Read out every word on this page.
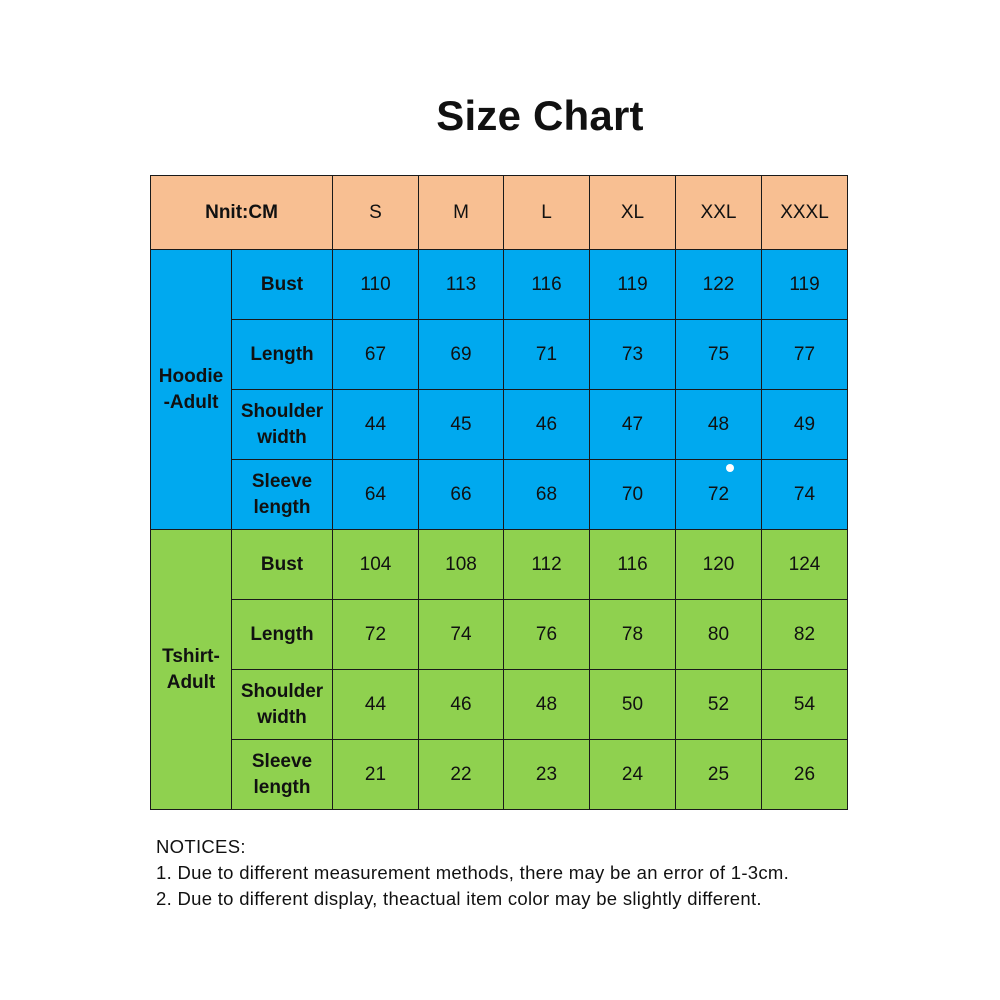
Size Chart
Nnit:CM		S	M	L	XL	XXL	XXXL

Hoodie
-Adult	Bust	110	113	116	119	122	119

	Length	67	69	71	73	75	77

	Shoulder
width	44	45	46	47	48	49

	Sleeve
length	64	66	68	70	72	74

Tshirt-
Adult	Bust	104	108	112	116	120	124

	Length	72	74	76	78	80	82

	Shoulder
width	44	46	48	50	52	54

	Sleeve
length	21	22	23	24	25	26
NOTICES:
1. Due to different measurement methods, there may be an error of 1-3cm.
2. Due to different display, theactual item color may be slightly different.
